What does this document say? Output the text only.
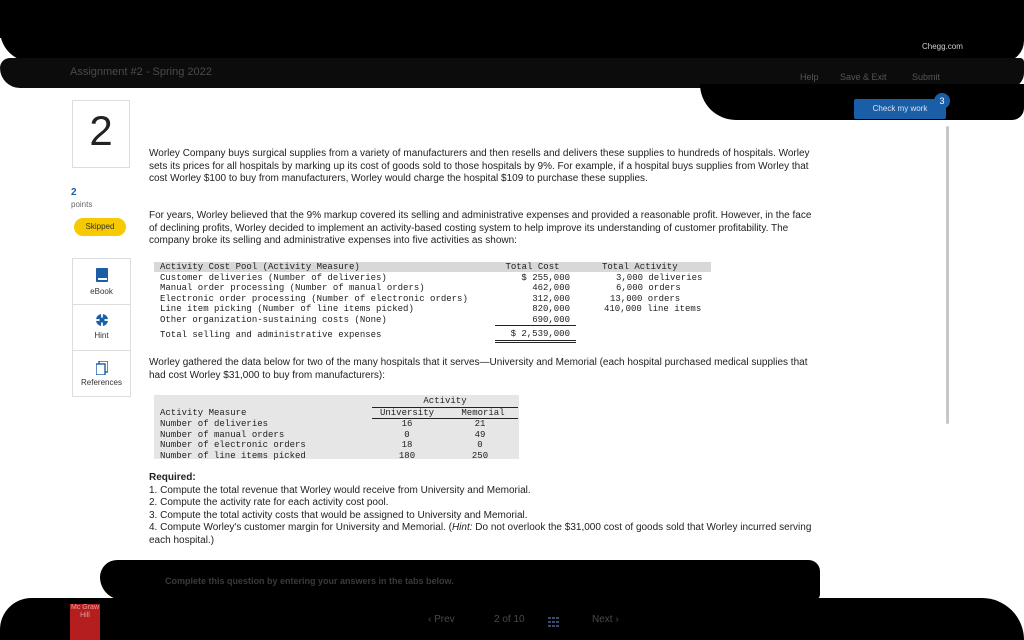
Chegg.com
Assignment #2 - Spring 2022	Help Save & Exit	Submit
Check my work
3
2
2
points
Skipped
eBook
Hint
References

Worley Company buys surgical supplies from a variety of manufacturers and then resells and delivers these supplies to hundreds of hospitals. Worley sets its prices for all hospitals by marking up its cost of goods sold to those hospitals by 9%. For example, if a hospital buys supplies from Worley that cost Worley $100 to buy from manufacturers, Worley would charge the hospital $109 to purchase these supplies.

For years, Worley believed that the 9% markup covered its selling and administrative expenses and provided a reasonable profit. However, in the face of declining profits, Worley decided to implement an activity-based costing system to help improve its understanding of customer profitability. The company broke its selling and administrative expenses into five activities as shown:

Activity Cost Pool (Activity Measure)	Total Cost	Total Activity
Customer deliveries (Number of deliveries)	$ 255,000	3,000 deliveries
Manual order processing (Number of manual orders)	462,000	6,000 orders
Electronic order processing (Number of electronic orders)	312,000	13,000 orders
Line item picking (Number of line items picked)	820,000	410,000 line items
Other organization-sustaining costs (None)	690,000	
Total selling and administrative expenses	$ 2,539,000	

Worley gathered the data below for two of the many hospitals that it serves—University and Memorial (each hospital purchased medical supplies that had cost Worley $31,000 to buy from manufacturers):

	Activity	
Activity Measure	University	Memorial
Number of deliveries	16	21
Number of manual orders	0	49
Number of electronic orders	18	0
Number of line items picked	180	250
Required:
1. Compute the total revenue that Worley would receive from University and Memorial.
2. Compute the activity rate for each activity cost pool.
3. Compute the total activity costs that would be assigned to University and Memorial.
4. Compute Worley's customer margin for University and Memorial. (Hint: Do not overlook the $31,000 cost of goods sold that Worley incurred serving each hospital.)
Complete this question by entering your answers in the tabs below.
Mc Graw Hill	‹ Prev	2 of 10	Next ›
